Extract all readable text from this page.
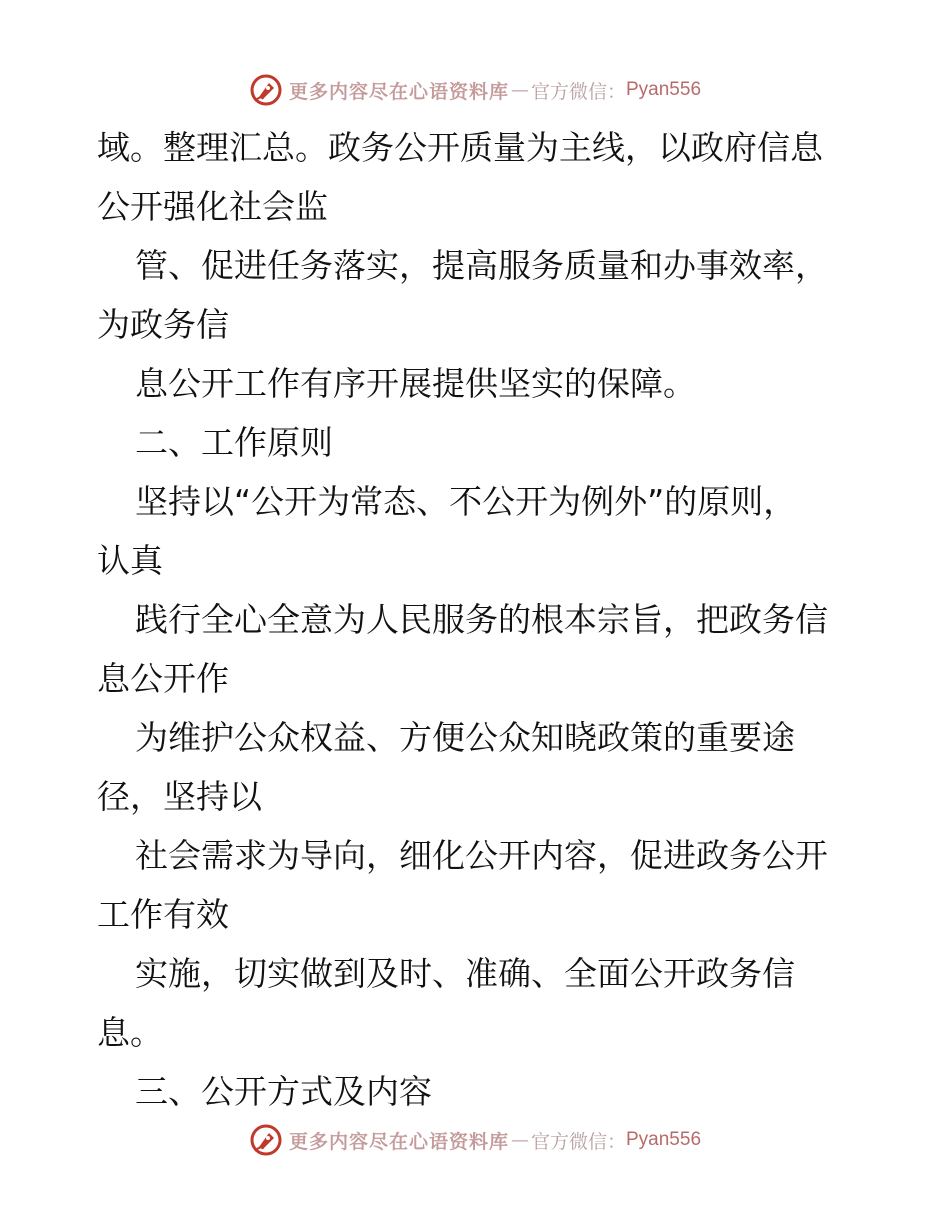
更多内容尽在心语资料库 — 官方微信： Pyan556
域。整理汇总。政务公开质量为主线，以政府信息
公开强化社会监
管、促进任务落实，提高服务质量和办事效率，
为政务信
息公开工作有序开展提供坚实的保障。
二、工作原则
坚持以“公开为常态、不公开为例外”的原则，
认真
践行全心全意为人民服务的根本宗旨，把政务信
息公开作
为维护公众权益、方便公众知晓政策的重要途
径，坚持以
社会需求为导向，细化公开内容，促进政务公开
工作有效
实施，切实做到及时、准确、全面公开政务信
息。
三、公开方式及内容
更多内容尽在心语资料库 — 官方微信： Pyan556
